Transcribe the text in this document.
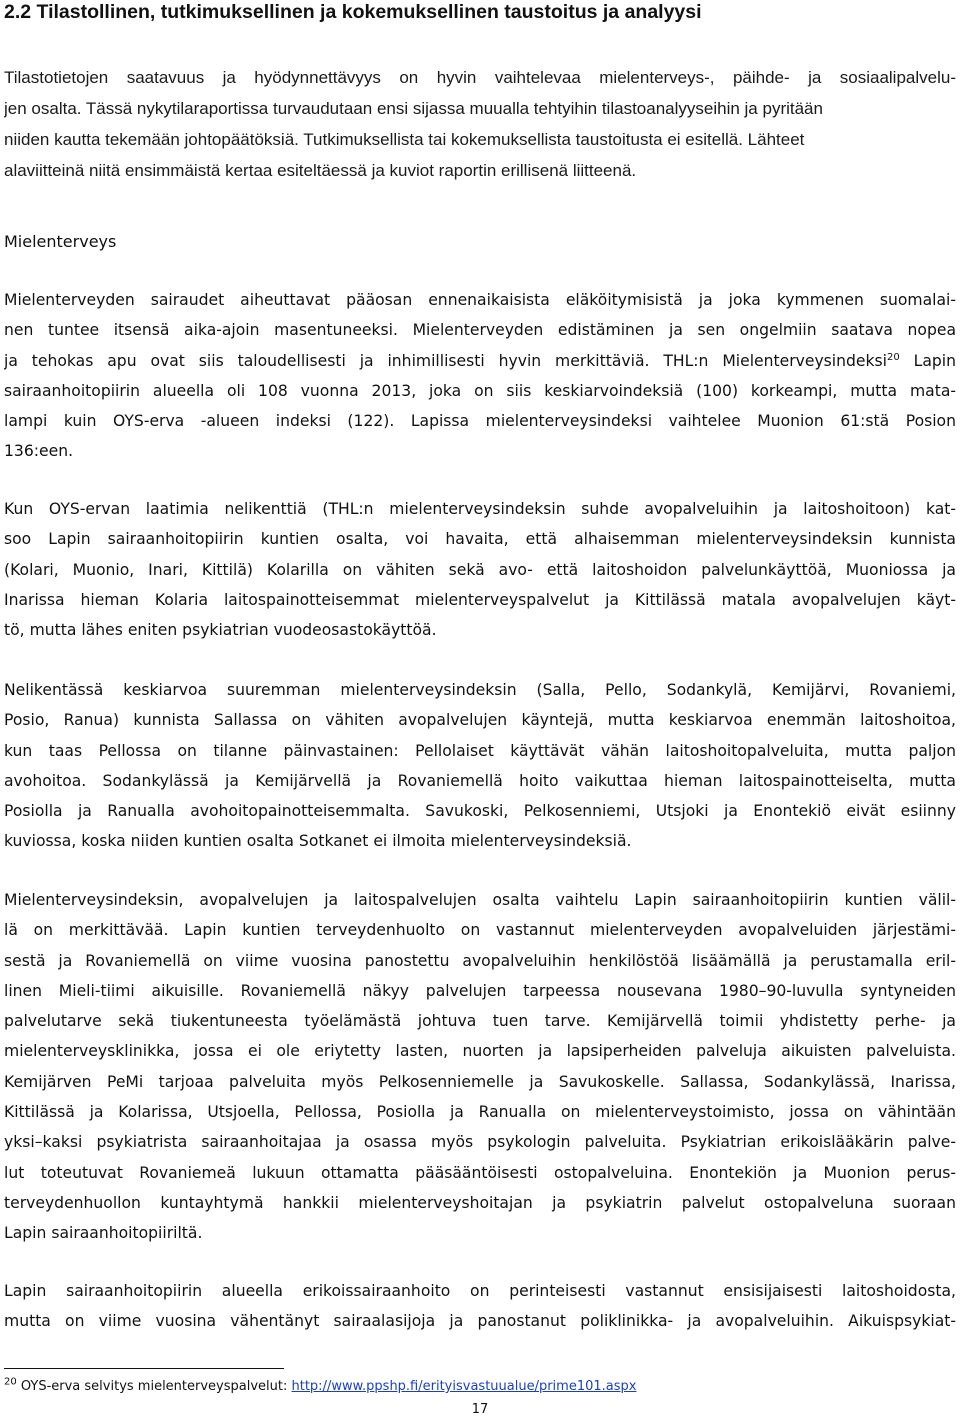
2.2 Tilastollinen, tutkimuksellinen ja kokemuksellinen taustoitus ja analyysi
Tilastotietojen saatavuus ja hyödynnettävyys on hyvin vaihtelevaa mielenterveys-, päihde- ja sosiaalipalvelu-
jen osalta. Tässä nykytilaraportissa turvaudutaan ensi sijassa muualla tehtyihin tilastoanalyyseihin ja pyritään
niiden kautta tekemään johtopäätöksiä. Tutkimuksellista tai kokemuksellista taustoitusta ei esitellä. Lähteet
alaviitteinä niitä ensimmäistä kertaa esiteltäessä ja kuviot raportin erillisenä liitteenä.
Mielenterveys
Mielenterveyden sairaudet aiheuttavat pääosan ennenaikaisista eläköitymisistä ja joka kymmenen suomalai-
nen tuntee itsensä aika-ajoin masentuneeksi. Mielenterveyden edistäminen ja sen ongelmiin saatava nopea
ja tehokas apu ovat siis taloudellisesti ja inhimillisesti hyvin merkittäviä. THL:n Mielenterveysindeksi$^{20}$ Lapin
sairaanhoitopiirin alueella oli 108 vuonna 2013, joka on siis keskiarvoindeksiä (100) korkeampi, mutta mata-
lampi kuin OYS-erva -alueen indeksi (122). Lapissa mielenterveysindeksi vaihtelee Muonion 61:stä Posion
136:een.
Kun OYS-ervan laatimia nelikenttiä (THL:n mielenterveysindeksin suhde avopalveluihin ja laitoshoitoon) kat-
soo Lapin sairaanhoitopiirin kuntien osalta, voi havaita, että alhaisemman mielenterveysindeksin kunnista
(Kolari, Muonio, Inari, Kittilä) Kolarilla on vähiten sekä avo- että laitoshoidon palvelunkäyttöä, Muoniossa ja
Inarissa hieman Kolaria laitospainotteisemmat mielenterveyspalvelut ja Kittilässä matala avopalvelujen käyt-
tö, mutta lähes eniten psykiatrian vuodeosastokäyttöä.
Nelikentässä keskiarvoa suuremman mielenterveysindeksin (Salla, Pello, Sodankylä, Kemijärvi, Rovaniemi,
Posio, Ranua) kunnista Sallassa on vähiten avopalvelujen käyntejä, mutta keskiarvoa enemmän laitoshoitoa,
kun taas Pellossa on tilanne päinvastainen: Pellolaiset käyttävät vähän laitoshoitopalveluita, mutta paljon
avohoitoa. Sodankylässä ja Kemijärvellä ja Rovaniemellä hoito vaikuttaa hieman laitospainotteiselta, mutta
Posiolla ja Ranualla avohoitopainotteisemmalta. Savukoski, Pelkosenniemi, Utsjoki ja Enontekiö eivät esiinny
kuviossa, koska niiden kuntien osalta Sotkanet ei ilmoita mielenterveysindeksiä.
Mielenterveysindeksin, avopalvelujen ja laitospalvelujen osalta vaihtelu Lapin sairaanhoitopiirin kuntien välil-
lä on merkittävää. Lapin kuntien terveydenhuolto on vastannut mielenterveyden avopalveluiden järjestämi-
sestä ja Rovaniemellä on viime vuosina panostettu avopalveluihin henkilöstöä lisäämällä ja perustamalla eril-
linen Mieli-tiimi aikuisille. Rovaniemellä näkyy palvelujen tarpeessa nousevana 1980–90-luvulla syntyneiden
palvelutarve sekä tiukentuneesta työelämästä johtuva tuen tarve. Kemijärvellä toimii yhdistetty perhe- ja
mielenterveysklinikka, jossa ei ole eriytetty lasten, nuorten ja lapsiperheiden palveluja aikuisten palveluista.
Kemijärven PeMi tarjoaa palveluita myös Pelkosenniemelle ja Savukoskelle. Sallassa, Sodankylässä, Inarissa,
Kittilässä ja Kolarissa, Utsjoella, Pellossa, Posiolla ja Ranualla on mielenterveystoimisto, jossa on vähintään
yksi–kaksi psykiatrista sairaanhoitajaa ja osassa myös psykologin palveluita. Psykiatrian erikoislääkärin palve-
lut toteutuvat Rovaniemeä lukuun ottamatta pääsääntöisesti ostopalveluina. Enontekiön ja Muonion perus-
terveydenhuollon kuntayhtymä hankkii mielenterveyshoitajan ja psykiatrin palvelut ostopalveluna suoraan
Lapin sairaanhoitopiiriltä.
Lapin sairaanhoitopiirin alueella erikoissairaanhoito on perinteisesti vastannut ensisijaisesti laitoshoidosta,
mutta on viime vuosina vähentänyt sairaalasijoja ja panostanut poliklinikka- ja avopalveluihin. Aikuispsykiat-
$^{20}$ OYS-erva selvitys mielenterveyspalvelut: http://www.ppshp.fi/erityisvastuualue/prime101.aspx
17
